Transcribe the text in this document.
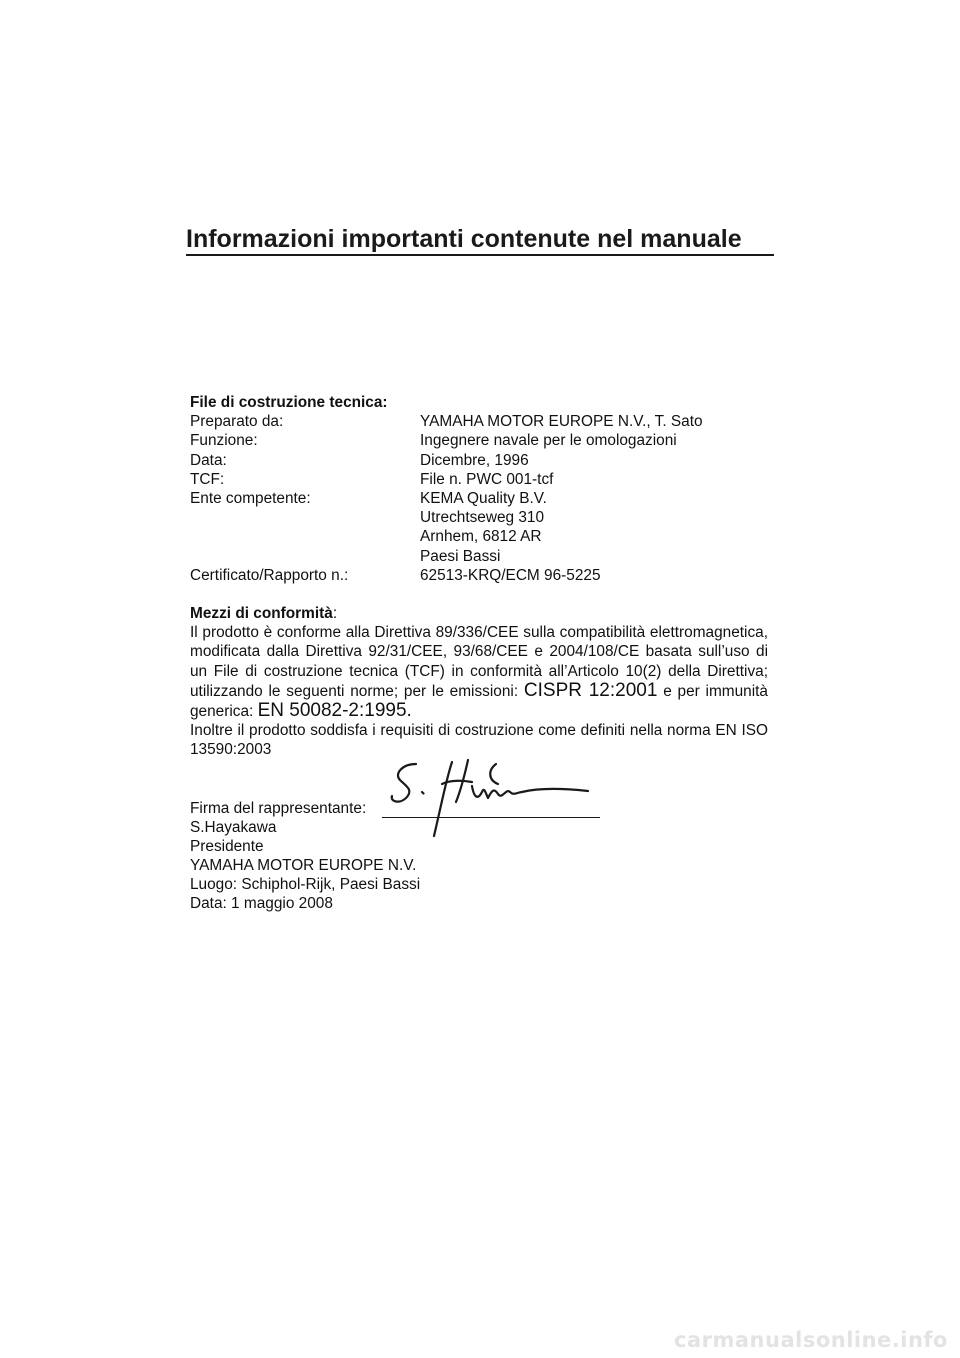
Informazioni importanti contenute nel manuale

File di costruzione tecnica:

Preparato da:	YAMAHA MOTOR EUROPE N.V., T. Sato
Funzione:	Ingegnere navale per le omologazioni
Data:	Dicembre, 1996
TCF:	File n. PWC 001-tcf
Ente competente:	KEMA Quality B.V.
Utrechtseweg 310
Arnhem, 6812 AR
Paesi Bassi
Certificato/Rapporto n.:	62513-KRQ/ECM 96-5225

Mezzi di conformità:

Il prodotto è conforme alla Direttiva 89/336/CEE sulla compatibilità elettromagnetica, modificata dalla Direttiva 92/31/CEE, 93/68/CEE e 2004/108/CE basata sull’uso di un File di costruzione tecnica (TCF) in conformità all’Articolo 10(2) della Direttiva; utilizzando le seguenti norme; per le emissioni: CISPR 12:2001 e per immunità generica: EN 50082-2:1995.

Inoltre il prodotto soddisfa i requisiti di costruzione come definiti nella norma EN ISO 13590:2003

Firma del rappresentante:
S.Hayakawa
Presidente
YAMAHA MOTOR EUROPE N.V.
Luogo: Schiphol-Rijk, Paesi Bassi
Data: 1 maggio 2008
carmanualsonline.info
